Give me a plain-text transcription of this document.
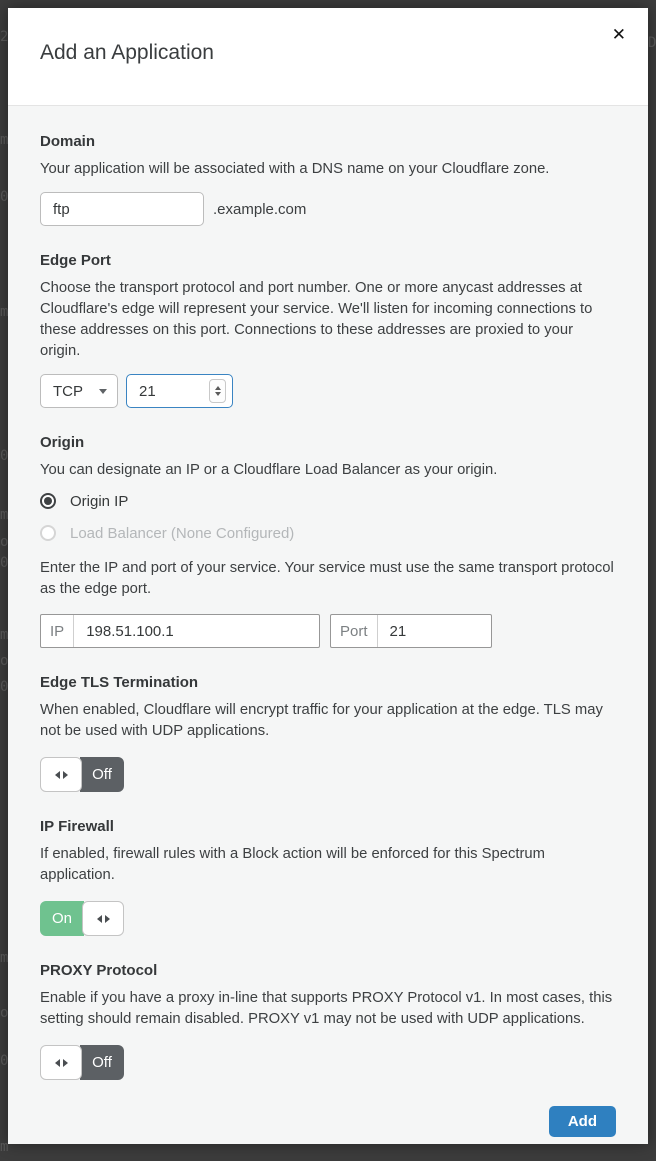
2	D
m
0
m
0
m
o
0
m
o
0
m
o
0
m
Add an Application
✕
Domain

Your application will be associated with a DNS name on your Cloudflare zone.

ftp
.example.com
Edge Port

Choose the transport protocol and port number. One or more anycast addresses at Cloudflare's edge will represent your service. We'll listen for incoming connections to these addresses on this port. Connections to these addresses are proxied to your origin.

TCP
21
Origin

You can designate an IP or a Cloudflare Load Balancer as your origin.

Origin IP
Load Balancer (None Configured)

Enter the IP and port of your service. Your service must use the same transport protocol as the edge port.

IP
198.51.100.1	Port
21
Edge TLS Termination

When enabled, Cloudflare will encrypt traffic for your application at the edge. TLS may not be used with UDP applications.

Off
IP Firewall

If enabled, firewall rules with a Block action will be enforced for this Spectrum application.

On
PROXY Protocol

Enable if you have a proxy in-line that supports PROXY Protocol v1. In most cases, this setting should remain disabled. PROXY v1 may not be used with UDP applications.

Off
Add
